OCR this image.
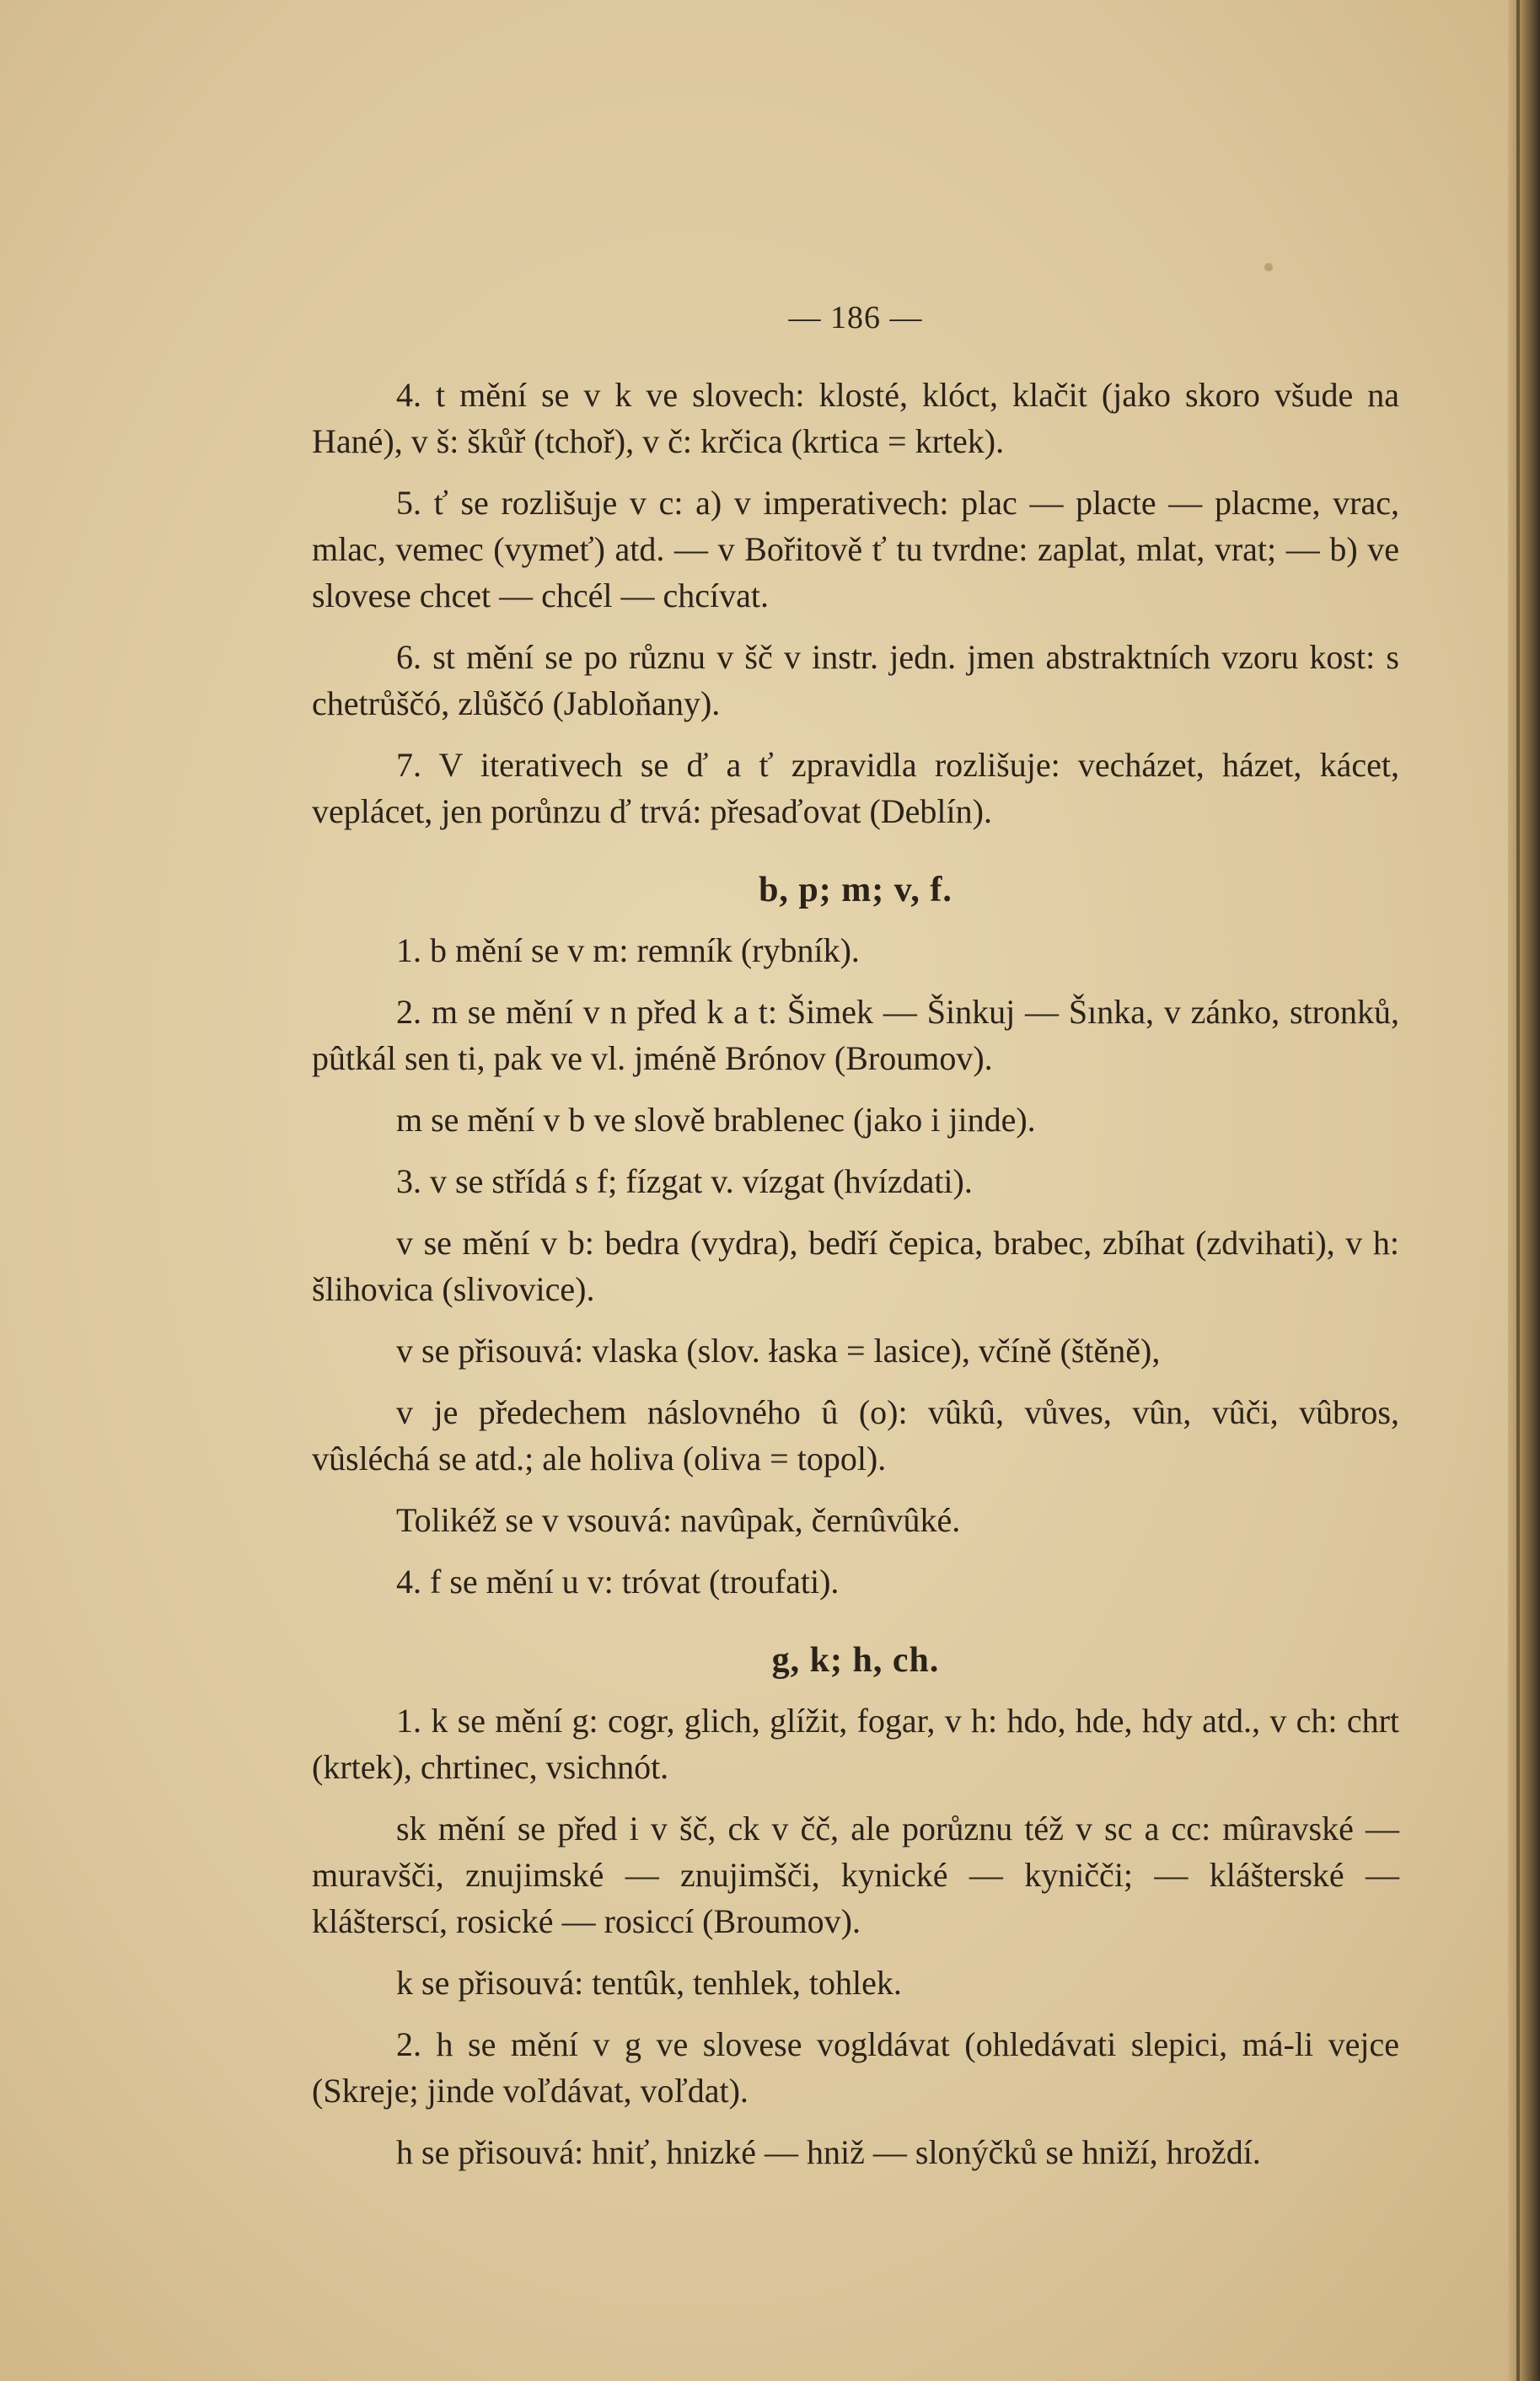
— 186 —

4. t mění se v k ve slovech: klosté, klóct, klačit (jako skoro všude na Hané), v š: škůř (tchoř), v č: krčica (krtica = krtek).

5. ť se rozlišuje v c: a) v imperativech: plac — placte — placme, vrac, mlac, vemec (vymeť) atd. — v Bořitově ť tu tvrdne: zaplat, mlat, vrat; — b) ve slovese chcet — chcél — chcívat.

6. st mění se po různu v šč v instr. jedn. jmen abstraktních vzoru kost: s chetrůščó, zlůščó (Jabloňany).

7. V iterativech se ď a ť zpravidla rozlišuje: vecházet, házet, kácet, veplácet, jen porůnzu ď trvá: přesaďovat (Deblín).

b, p; m; v, f.

1. b mění se v m: remník (rybník).

2. m se mění v n před k a t: Šimek — Šinkuj — Šınka, v zánko, stronků, pûtkál sen ti, pak ve vl. jméně Brónov (Broumov).

m se mění v b ve slově brablenec (jako i jinde).

3. v se střídá s f; fízgat v. vízgat (hvízdati).

v se mění v b: bedra (vydra), bedří čepica, brabec, zbíhat (zdvihati), v h: šlihovica (slivovice).

v se přisouvá: vlaska (slov. łaska = lasice), včíně (štěně),

v je předechem náslovného û (o): vûkû, vůves, vûn, vûči, vûbros, vûsléchá se atd.; ale holiva (oliva = topol).

Tolikéž se v vsouvá: navûpak, černûvûké.

4. f se mění u v: tróvat (troufati).

g, k; h, ch.

1. k se mění g: cogr, glich, glížit, fogar, v h: hdo, hde, hdy atd., v ch: chrt (krtek), chrtinec, vsichnót.

sk mění se před i v šč, ck v čč, ale porůznu též v sc a cc: mûravské — muravšči, znujimské — znujimšči, kynické — kyničči; — klášterské — klášterscí, rosické — rosiccí (Broumov).

k se přisouvá: tentûk, tenhlek, tohlek.

2. h se mění v g ve slovese vogldávat (ohledávati slepici, má-li vejce (Skreje; jinde voľdávat, voľdat).

h se přisouvá: hniť, hnizké — hniž — slonýčků se hniží, hroždí.
